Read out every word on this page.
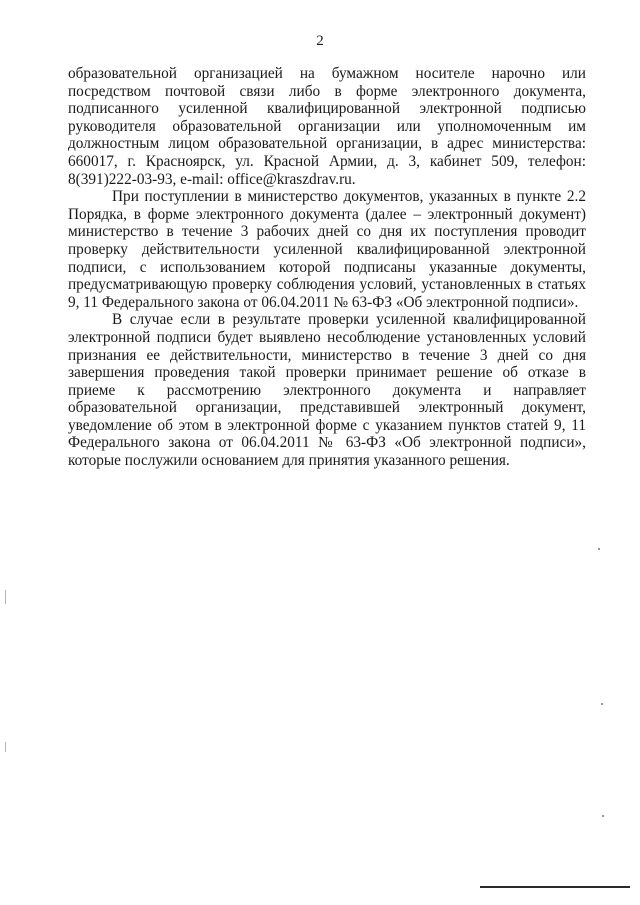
2

образовательной организацией на бумажном носителе нарочно или посредством почтовой связи либо в форме электронного документа, подписанного усиленной квалифицированной электронной подписью руководителя образовательной организации или уполномоченным им должностным лицом образовательной организации, в адрес министерства: 660017, г. Красноярск, ул. Красной Армии, д. 3, кабинет 509, телефон: 8(391)222-03-93, e-mail: office@kraszdrav.ru.

При поступлении в министерство документов, указанных в пункте 2.2 Порядка, в форме электронного документа (далее – электронный документ) министерство в течение 3 рабочих дней со дня их поступления проводит проверку действительности усиленной квалифицированной электронной подписи, с использованием которой подписаны указанные документы, предусматривающую проверку соблюдения условий, установленных в статьях 9, 11 Федерального закона от 06.04.2011 № 63-ФЗ «Об электронной подписи».

В случае если в результате проверки усиленной квалифицированной электронной подписи будет выявлено несоблюдение установленных условий признания ее действительности, министерство в течение 3 дней со дня завершения проведения такой проверки принимает решение об отказе в приеме к рассмотрению электронного документа и направляет образовательной организации, представившей электронный документ, уведомление об этом в электронной форме с указанием пунктов статей 9, 11 Федерального закона от 06.04.2011 № 63-ФЗ «Об электронной подписи», которые послужили основанием для принятия указанного решения.
